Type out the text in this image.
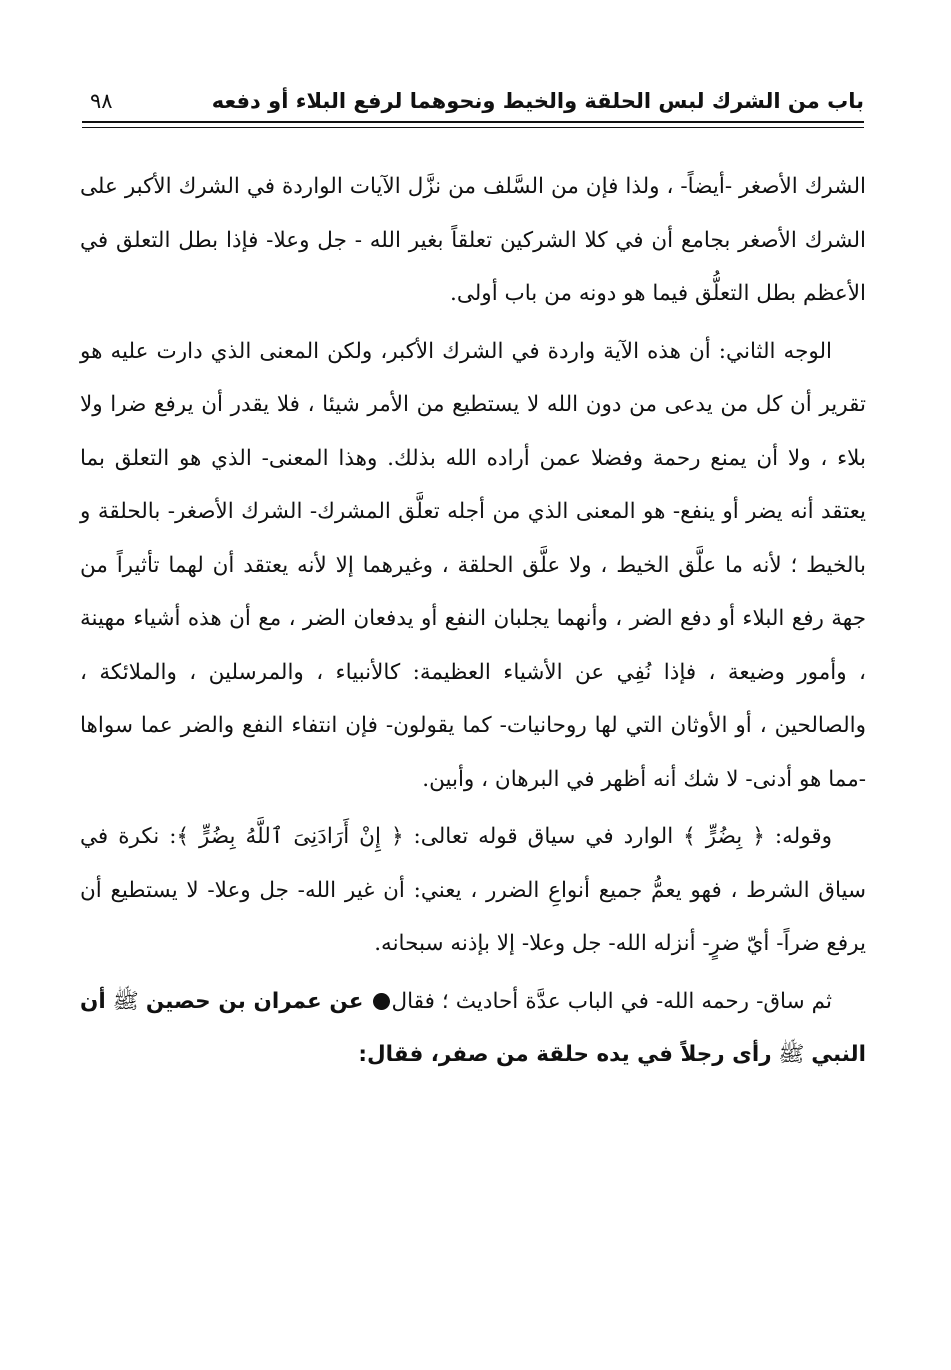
باب من الشرك لبس الحلقة والخيط ونحوهما لرفع البلاء أو دفعه
٩٨

الشرك الأصغر -أيضاً- ، ولذا فإن من السَّلف من نزَّل الآيات الواردة في الشرك الأكبر على الشرك الأصغر بجامع أن في كلا الشركين تعلقاً بغير الله - جل وعلا- فإذا بطل التعلق في الأعظم بطل التعلُّق فيما هو دونه من باب أولى.

الوجه الثاني: أن هذه الآية واردة في الشرك الأكبر، ولكن المعنى الذي دارت عليه هو تقرير أن كل من يدعى من دون الله لا يستطيع من الأمر شيئا ، فلا يقدر أن يرفع ضرا ولا بلاء ، ولا أن يمنع رحمة وفضلا عمن أراده الله بذلك. وهذا المعنى- الذي هو التعلق بما يعتقد أنه يضر أو ينفع- هو المعنى الذي من أجله تعلَّق المشرك- الشرك الأصغر- بالحلقة و بالخيط ؛ لأنه ما علَّق الخيط ، ولا علَّق الحلقة ، وغيرهما إلا لأنه يعتقد أن لهما تأثيراً من جهة رفع البلاء أو دفع الضر ، وأنهما يجلبان النفع أو يدفعان الضر ، مع أن هذه أشياء مهينة ، وأمور وضيعة ، فإذا نُفِي عن الأشياء العظيمة: كالأنبياء ، والمرسلين ، والملائكة ، والصالحين ، أو الأوثان التي لها روحانيات- كما يقولون- فإن انتفاء النفع والضر عما سواها -مما هو أدنى- لا شك أنه أظهر في البرهان ، وأبين.

وقوله: ﴿ بِضُرٍّ ﴾ الوارد في سياق قوله تعالى: ﴿ إِنْ أَرَادَنِىَ ٱللَّهُ بِضُرٍّ ﴾: نكرة في سياق الشرط ، فهو يعمُّ جميع أنواعِ الضرر ، يعني: أن غير الله- جل وعلا- لا يستطيع أن يرفع ضراً- أيّ ضرٍ- أنزله الله- جل وعلا- إلا بإذنه سبحانه.

ثم ساق- رحمه الله- في الباب عدَّة أحاديث ؛ فقال عن عمران بن حصين ﷺ أن النبي ﷺ رأى رجلاً في يده حلقة من صفر، فقال:
